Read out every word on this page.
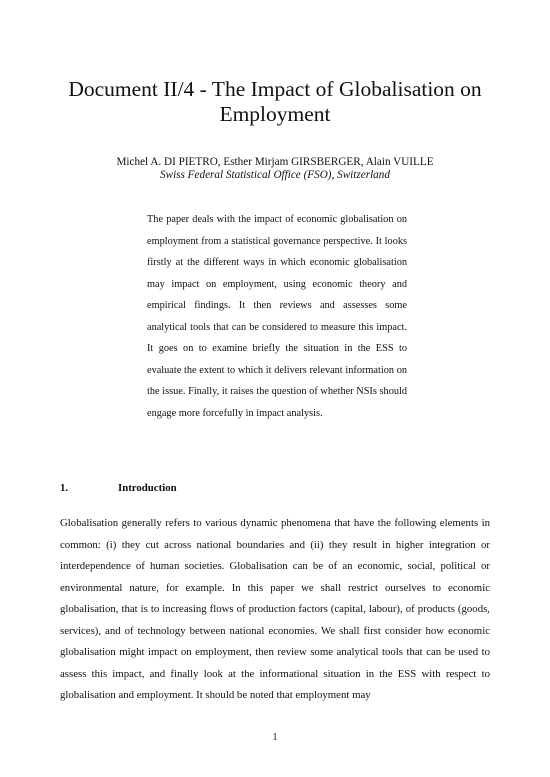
Document II/4 - The Impact of Globalisation on Employment
Michel A. DI PIETRO, Esther Mirjam GIRSBERGER, Alain VUILLE
Swiss Federal Statistical Office (FSO), Switzerland

The paper deals with the impact of economic globalisation on employment from a statistical governance perspective. It looks firstly at the different ways in which economic globalisation may impact on employment, using economic theory and empirical findings. It then reviews and assesses some analytical tools that can be considered to measure this impact. It goes on to examine briefly the situation in the ESS to evaluate the extent to which it delivers relevant information on the issue. Finally, it raises the question of whether NSIs should engage more forcefully in impact analysis.

1.	Introduction

Globalisation generally refers to various dynamic phenomena that have the following elements in common: (i) they cut across national boundaries and (ii) they result in higher integration or interdependence of human societies. Globalisation can be of an economic, social, political or environmental nature, for example. In this paper we shall restrict ourselves to economic globalisation, that is to increasing flows of production factors (capital, labour), of products (goods, services), and of technology between national economies. We shall first consider how economic globalisation might impact on employment, then review some analytical tools that can be used to assess this impact, and finally look at the informational situation in the ESS with respect to globalisation and employment. It should be noted that employment may

1
